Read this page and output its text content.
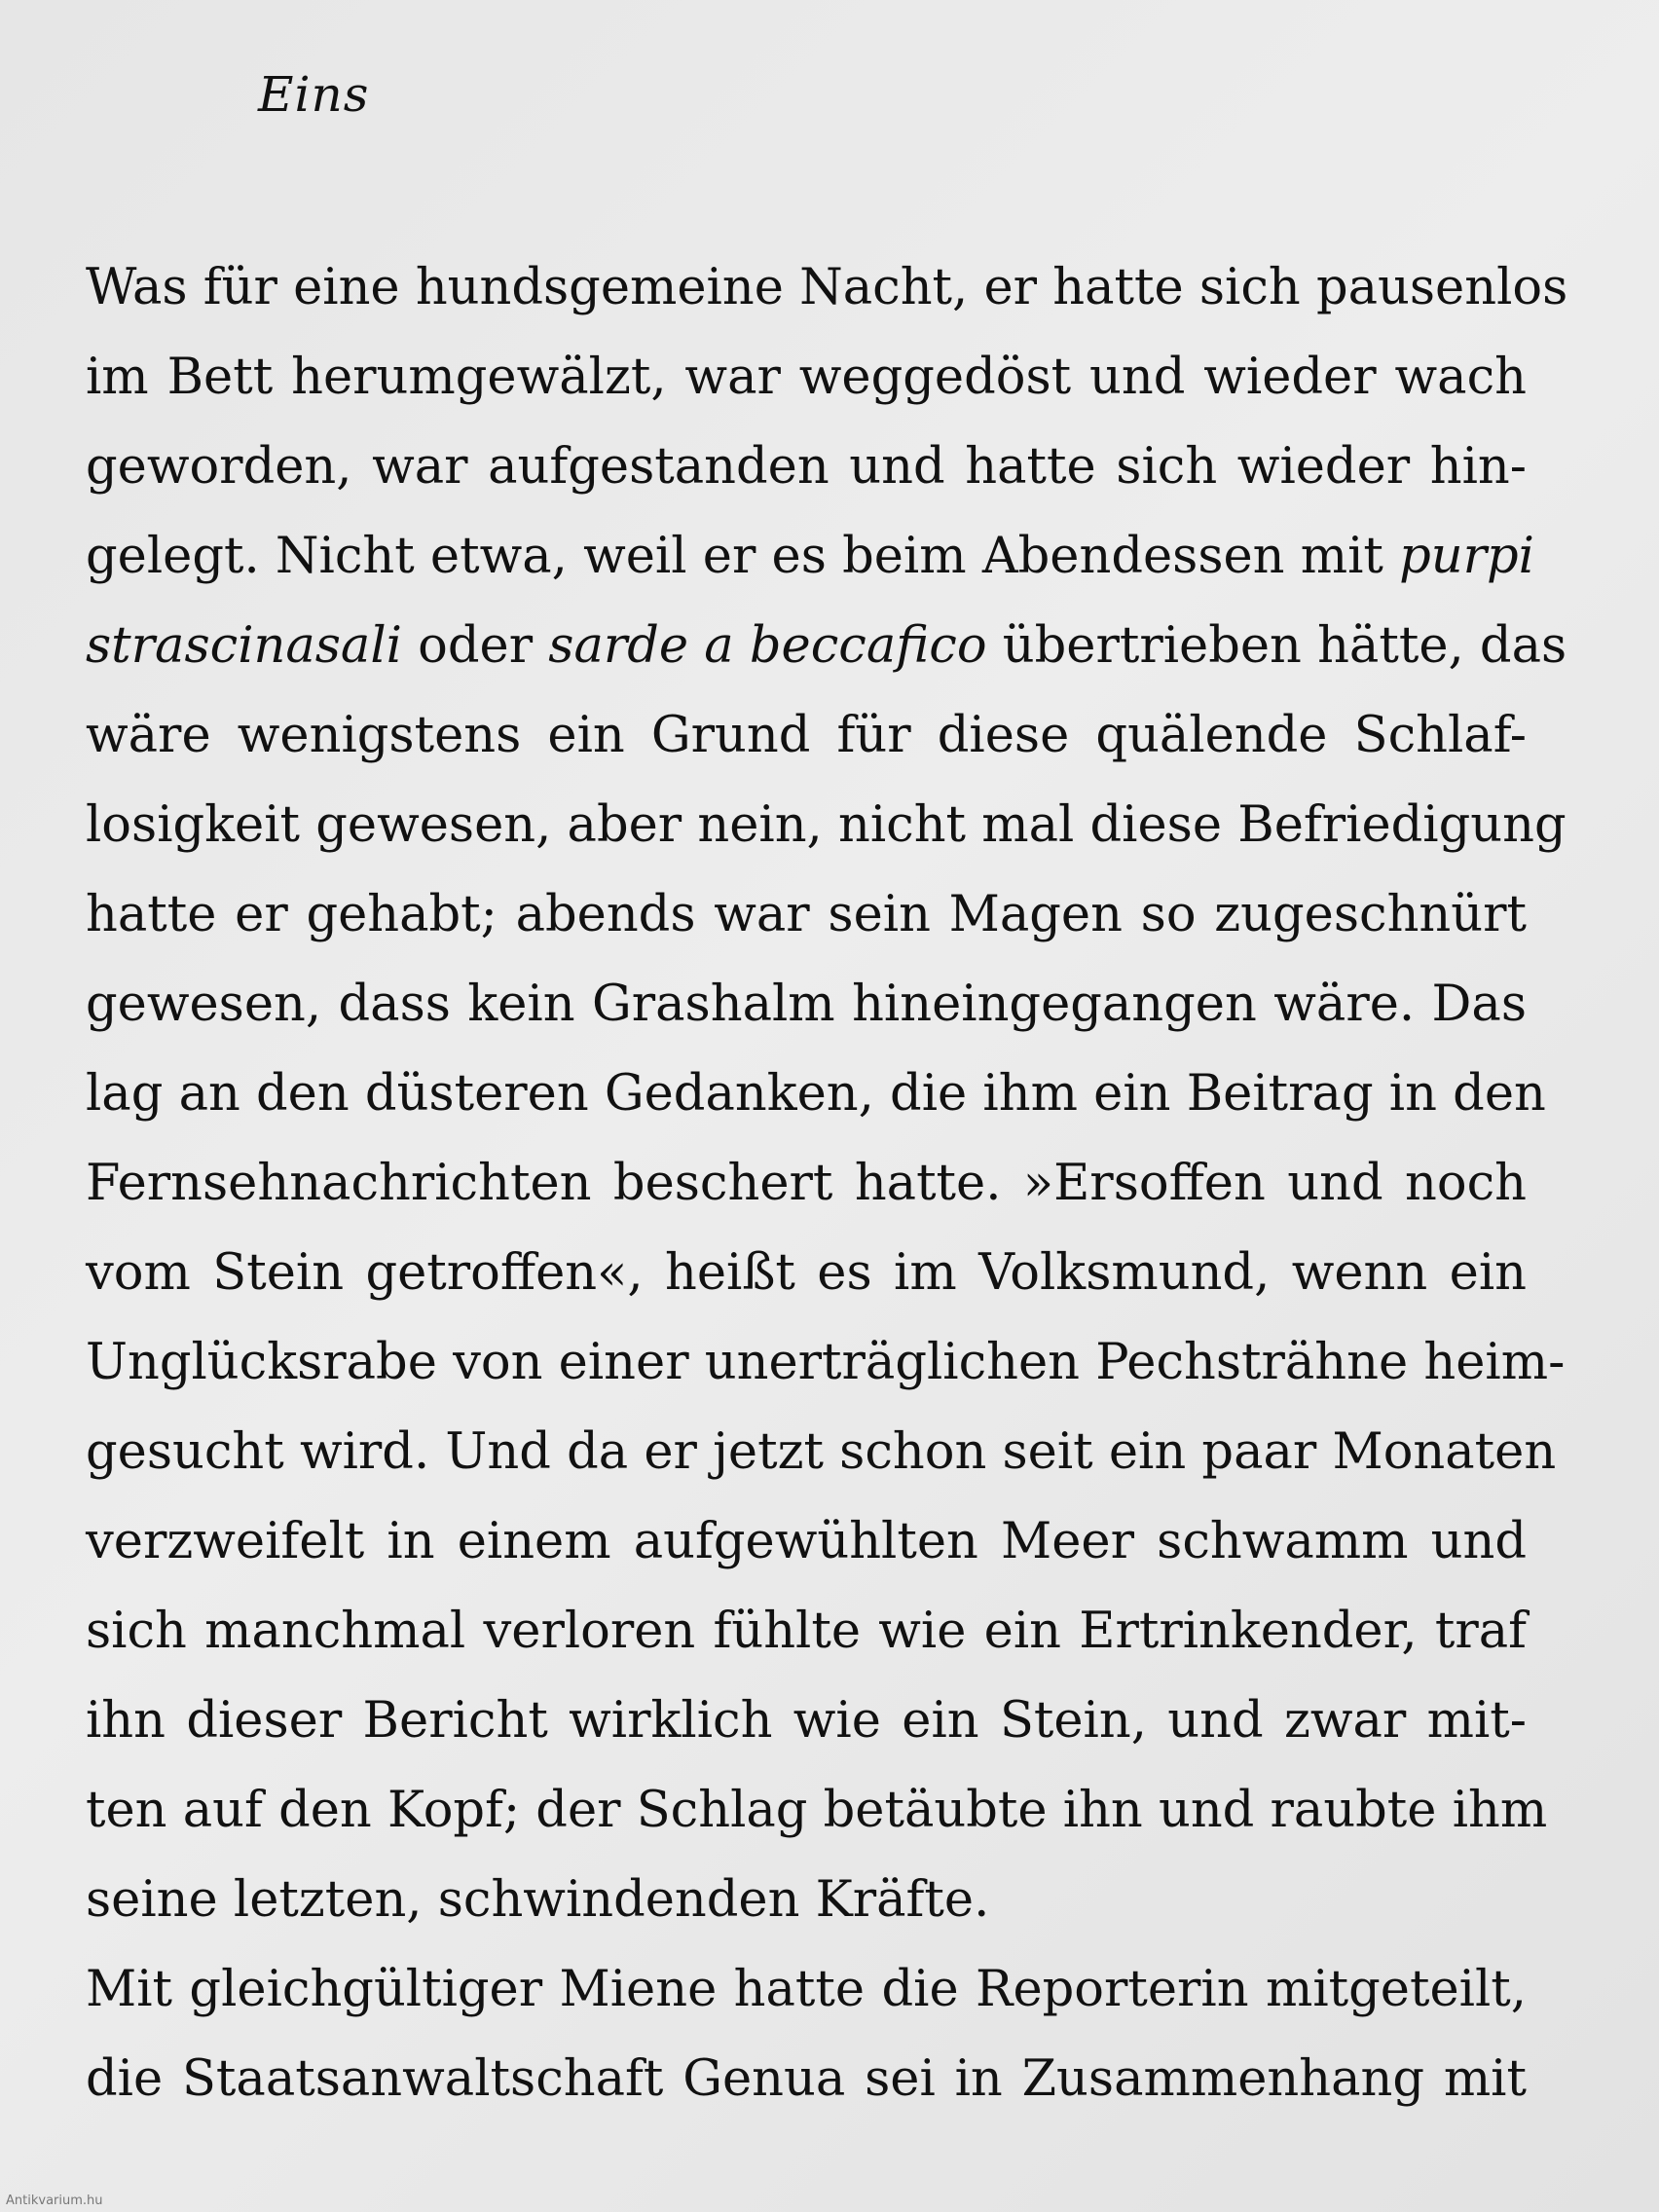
Eins
Was für eine hundsgemeine Nacht, er hatte sich pausenlos
im Bett herumgewälzt, war weggedöst und wieder wach
geworden, war aufgestanden und hatte sich wieder hin-
gelegt. Nicht etwa, weil er es beim Abendessen mit purpi
strascinasali oder sarde a beccafico übertrieben hätte, das
wäre wenigstens ein Grund für diese quälende Schlaf-
losigkeit gewesen, aber nein, nicht mal diese Befriedigung
hatte er gehabt; abends war sein Magen so zugeschnürt
gewesen, dass kein Grashalm hineingegangen wäre. Das
lag an den düsteren Gedanken, die ihm ein Beitrag in den
Fernsehnachrichten beschert hatte. »Ersoffen und noch
vom Stein getroffen«, heißt es im Volksmund, wenn ein
Unglücksrabe von einer unerträglichen Pechsträhne heim-
gesucht wird. Und da er jetzt schon seit ein paar Monaten
verzweifelt in einem aufgewühlten Meer schwamm und
sich manchmal verloren fühlte wie ein Ertrinkender, traf
ihn dieser Bericht wirklich wie ein Stein, und zwar mit-
ten auf den Kopf; der Schlag betäubte ihn und raubte ihm
seine letzten, schwindenden Kräfte.
Mit gleichgültiger Miene hatte die Reporterin mitgeteilt,
die Staatsanwaltschaft Genua sei in Zusammenhang mit
Antikvarium.hu
